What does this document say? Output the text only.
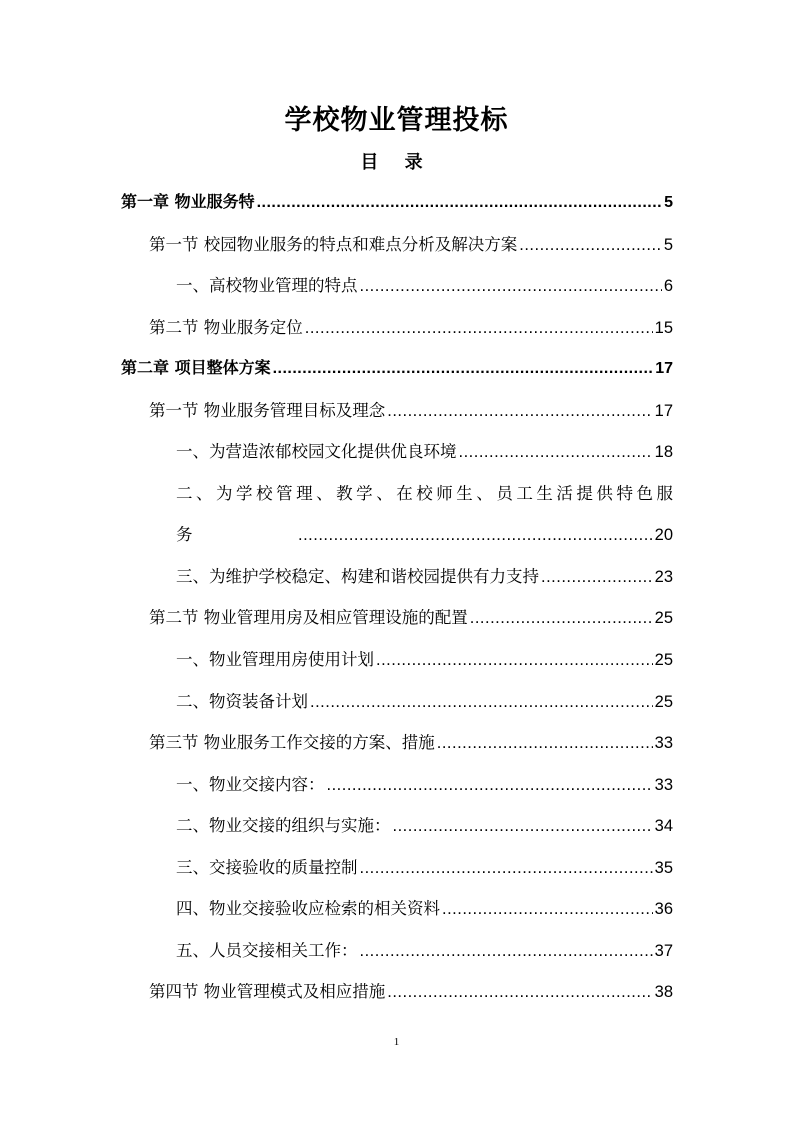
学校物业管理投标
目 录
第一章 物业服务特 .....	5
第一节 校园物业服务的特点和难点分析及解决方案 .....	5
一、高校物业管理的特点 .....	6
第二节 物业服务定位 .....	15
第二章 项目整体方案 .....	17
第一节 物业服务管理目标及理念 .....	17
一、为营造浓郁校园文化提供优良环境 .....	18
二、为学校管理、教学、在校师生、员工生活提供特色服
务 .....	20
三、为维护学校稳定、构建和谐校园提供有力支持 .....	23
第二节 物业管理用房及相应管理设施的配置 .....	25
一、物业管理用房使用计划 .....	25
二、物资装备计划 .....	25
第三节 物业服务工作交接的方案、措施 .....	33
一、物业交接内容： .....	33
二、物业交接的组织与实施： .....	34
三、交接验收的质量控制 .....	35
四、物业交接验收应检索的相关资料 .....	36
五、人员交接相关工作： .....	37
第四节 物业管理模式及相应措施 .....	38
1
